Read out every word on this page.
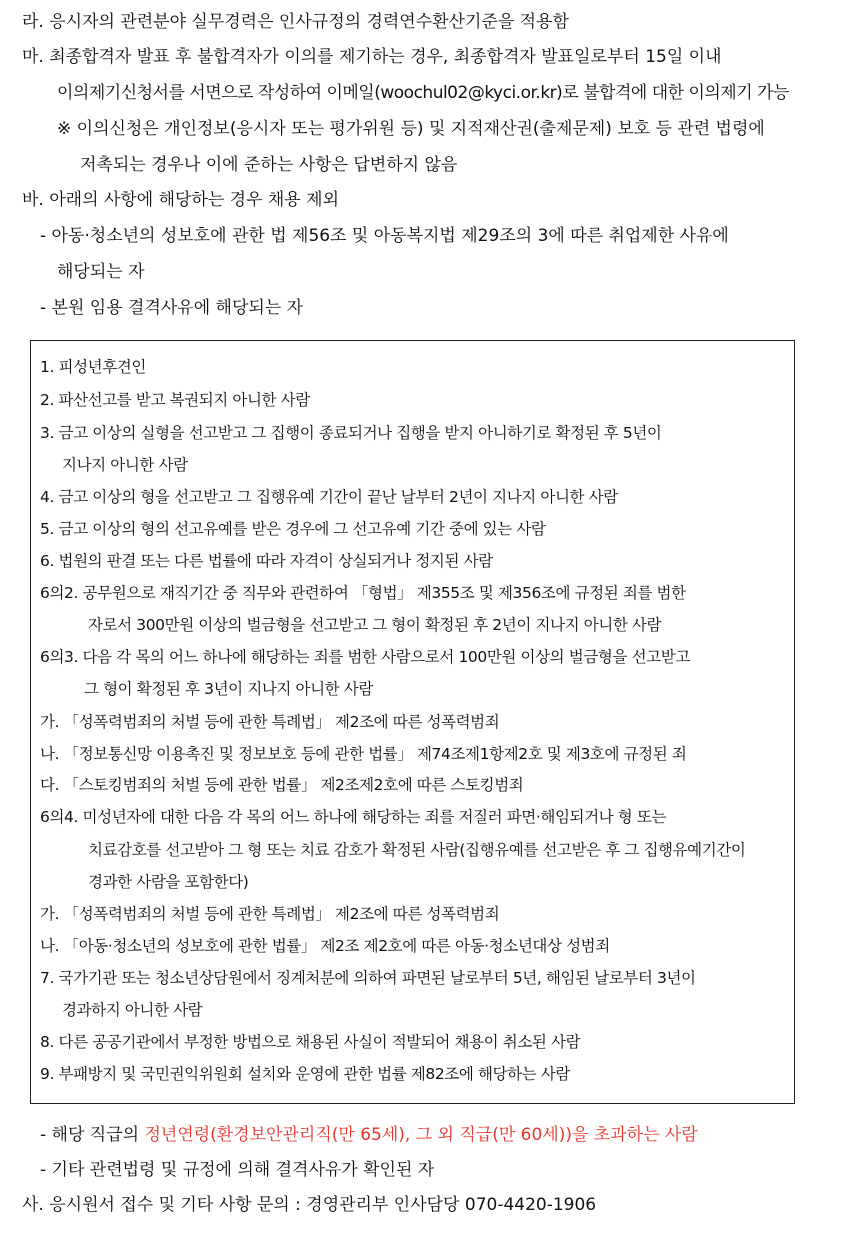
라. 응시자의 관련분야 실무경력은 인사규정의 경력연수환산기준을 적용함
마. 최종합격자 발표 후 불합격자가 이의를 제기하는 경우, 최종합격자 발표일로부터 15일 이내
이의제기신청서를 서면으로 작성하여 이메일(woochul02@kyci.or.kr)로 불합격에 대한 이의제기 가능
※ 이의신청은 개인정보(응시자 또는 평가위원 등) 및 지적재산권(출제문제) 보호 등 관련 법령에
저촉되는 경우나 이에 준하는 사항은 답변하지 않음
바. 아래의 사항에 해당하는 경우 채용 제외
- 아동·청소년의 성보호에 관한 법 제56조 및 아동복지법 제29조의 3에 따른 취업제한 사유에
해당되는 자
- 본원 임용 결격사유에 해당되는 자
1. 피성년후견인
2. 파산선고를 받고 복권되지 아니한 사람
3. 금고 이상의 실형을 선고받고 그 집행이 종료되거나 집행을 받지 아니하기로 확정된 후 5년이
지나지 아니한 사람
4. 금고 이상의 형을 선고받고 그 집행유예 기간이 끝난 날부터 2년이 지나지 아니한 사람
5. 금고 이상의 형의 선고유예를 받은 경우에 그 선고유예 기간 중에 있는 사람
6. 법원의 판결 또는 다른 법률에 따라 자격이 상실되거나 정지된 사람
6의2. 공무원으로 재직기간 중 직무와 관련하여 「형법」 제355조 및 제356조에 규정된 죄를 범한
자로서 300만원 이상의 벌금형을 선고받고 그 형이 확정된 후 2년이 지나지 아니한 사람
6의3. 다음 각 목의 어느 하나에 해당하는 죄를 범한 사람으로서 100만원 이상의 벌금형을 선고받고
그 형이 확정된 후 3년이 지나지 아니한 사람
가. 「성폭력범죄의 처벌 등에 관한 특례법」 제2조에 따른 성폭력범죄
나. 「정보통신망 이용촉진 및 정보보호 등에 관한 법률」 제74조제1항제2호 및 제3호에 규정된 죄
다. 「스토킹범죄의 처벌 등에 관한 법률」 제2조제2호에 따른 스토킹범죄
6의4. 미성년자에 대한 다음 각 목의 어느 하나에 해당하는 죄를 저질러 파면·해임되거나 형 또는
치료감호를 선고받아 그 형 또는 치료 감호가 확정된 사람(집행유예를 선고받은 후 그 집행유예기간이
경과한 사람을 포함한다)
가. 「성폭력범죄의 처벌 등에 관한 특례법」 제2조에 따른 성폭력범죄
나. 「아동·청소년의 성보호에 관한 법률」 제2조 제2호에 따른 아동·청소년대상 성범죄
7. 국가기관 또는 청소년상담원에서 징계처분에 의하여 파면된 날로부터 5년, 해임된 날로부터 3년이
경과하지 아니한 사람
8. 다른 공공기관에서 부정한 방법으로 채용된 사실이 적발되어 채용이 취소된 사람
9. 부패방지 및 국민권익위원회 설치와 운영에 관한 법률 제82조에 해당하는 사람
- 해당 직급의 정년연령(환경보안관리직(만 65세), 그 외 직급(만 60세))을 초과하는 사람
- 기타 관련법령 및 규정에 의해 결격사유가 확인된 자
사. 응시원서 접수 및 기타 사항 문의 : 경영관리부 인사담당 070-4420-1906
